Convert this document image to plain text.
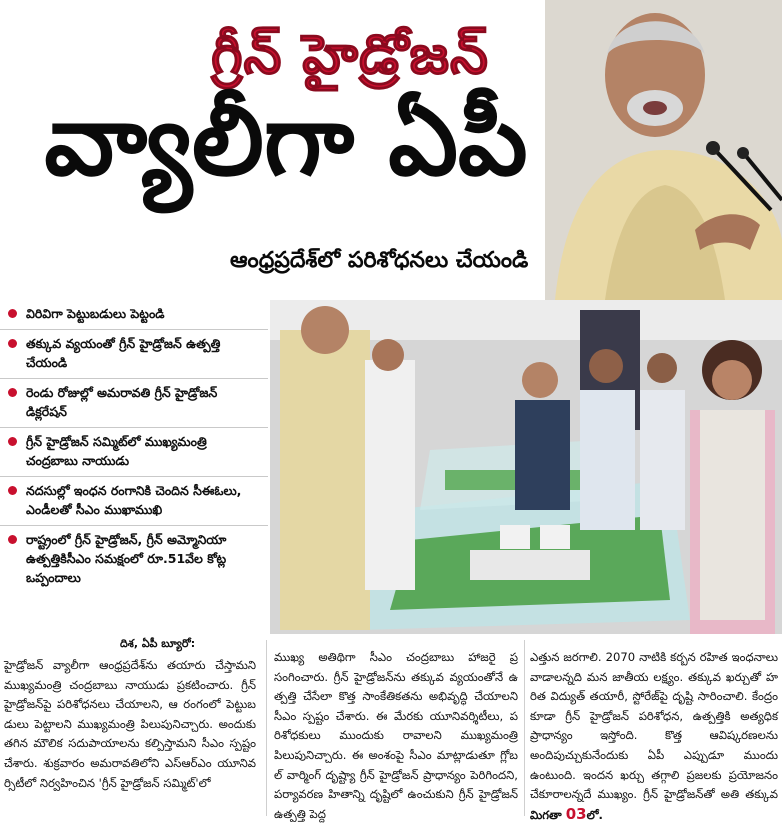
గ్రీన్ హైడ్రోజన్
వ్యాలీగా ఏపీ
ఆంధ్రప్రదేశ్‌లో పరిశోధనలు చేయండి
విరివిగా పెట్టుబడులు పెట్టండి
తక్కువ వ్యయంతో గ్రీన్ హైడ్రోజన్ ఉత్పత్తి చేయండి
రెండు రోజుల్లో అమరావతి గ్రీన్ హైడ్రోజన్ డిక్లరేషన్
గ్రీన్ హైడ్రోజన్ సమ్మిట్‌లో ముఖ్యమంత్రి చంద్రబాబు నాయుడు
నదసుల్లో ఇంధన రంగానికి చెందిన సీఈఓలు, ఎండీలతో సీఎం ముఖాముఖి
రాష్ట్రంలో గ్రీన్ హైడ్రోజన్, గ్రీన్ అమ్మోనియా ఉత్పత్తికిసీఎం సమక్షంలో రూ.51వేల కోట్ల ఒప్పందాలు
దిశ, ఏపీ బ్యూరో:

హైడ్రోజన్ వ్యాలీగా ఆంధ్రప్రదేశ్‌ను తయారు చేస్తామని ముఖ్యమంత్రి చంద్రబాబు నాయుడు ప్రకటించారు. గ్రీన్ హైడ్రోజన్‌పై పరిశోధనలు చేయాలని, ఆ రంగంలో పెట్టుబడులు పెట్టాలని ముఖ్యమంత్రి పిలుపునిచ్చారు. అందుకు తగిన మౌలిక సదుపాయాలను కల్పిస్తామని సీఎం స్పష్టం చేశారు. శుక్రవారం అమరావతిలోని ఎస్ఆర్ఎం యూనివర్సిటీలో నిర్వహించిన 'గ్రీన్ హైడ్రోజన్ సమ్మిట్'లో

ముఖ్య అతిథిగా సీఎం చంద్రబాబు హాజరై ప్రసంగించారు. గ్రీన్ హైడ్రోజన్‌ను తక్కువ వ్యయంతోనే ఉత్పత్తి చేసేలా కొత్త సాంకేతికతను అభివృద్ధి చేయాలని సీఎం స్పష్టం చేశారు. ఈ మేరకు యూనివర్శిటీలు, పరిశోధకులు ముందుకు రావాలని ముఖ్యమంత్రి పిలుపునిచ్చారు. ఈ అంశంపై సీఎం మాట్లాడుతూ గ్లోబల్ వార్మింగ్ దృష్ట్యా గ్రీన్ హైడ్రోజన్ ప్రాధాన్యం పెరిగిందని, పర్యావరణ హితాన్ని దృష్టిలో ఉంచుకుని గ్రీన్ హైడ్రోజన్ ఉత్పత్తి పెద్ద

ఎత్తున జరగాలి. 2070 నాటికి కర్బన రహిత ఇంధనాలు వాడాలన్నది మన జాతీయ లక్ష్యం. తక్కువ ఖర్చుతో హరిత విద్యుత్ తయారీ, స్టోరేజ్‌పై దృష్టి సారించాలి. కేంద్రం కూడా గ్రీన్ హైడ్రోజన్ పరిశోధన, ఉత్పత్తికి అత్యధిక ప్రాధాన్యం ఇస్తోంది. కొత్త ఆవిష్కరణలను అందిపుచ్చుకునేందుకు ఏపీ ఎప్పుడూ ముందు ఉంటుంది. ఇందన ఖర్చు తగ్గాలి ప్రజలకు ప్రయోజనం చేకూరాలన్నదే ముఖ్యం. గ్రీన్ హైడ్రోజన్‌తో అతి తక్కువ మిగతా 03లో.
